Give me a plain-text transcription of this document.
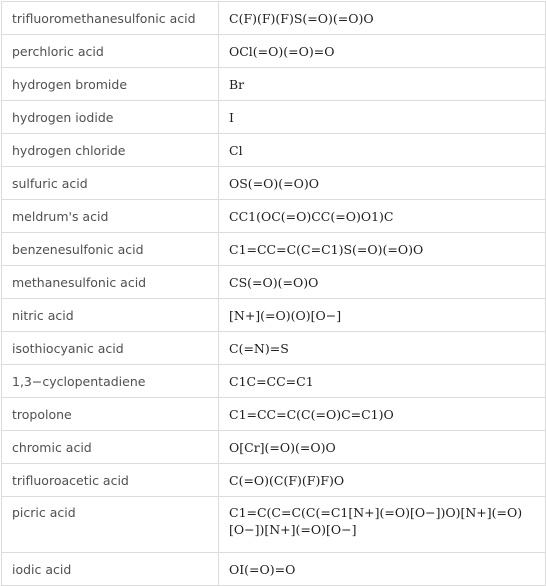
trifluoromethanesulfonic acid	C(F)(F)(F)S(=O)(=O)O
perchloric acid	OCl(=O)(=O)=O
hydrogen bromide	Br
hydrogen iodide	I
hydrogen chloride	Cl
sulfuric acid	OS(=O)(=O)O
meldrum's acid	CC1(OC(=O)CC(=O)O1)C
benzenesulfonic acid	C1=CC=C(C=C1)S(=O)(=O)O
methanesulfonic acid	CS(=O)(=O)O
nitric acid	[N+](=O)(O)[O−]
isothiocyanic acid	C(=N)=S
1,3−cyclopentadiene	C1C=CC=C1
tropolone	C1=CC=C(C(=O)C=C1)O
chromic acid	O[Cr](=O)(=O)O
trifluoroacetic acid	C(=O)(C(F)(F)F)O
picric acid	C1=C(C=C(C(=C1[N+](=O)[O−])O)[N+](=O)[O−])[N+](=O)[O−]
iodic acid	OI(=O)=O
